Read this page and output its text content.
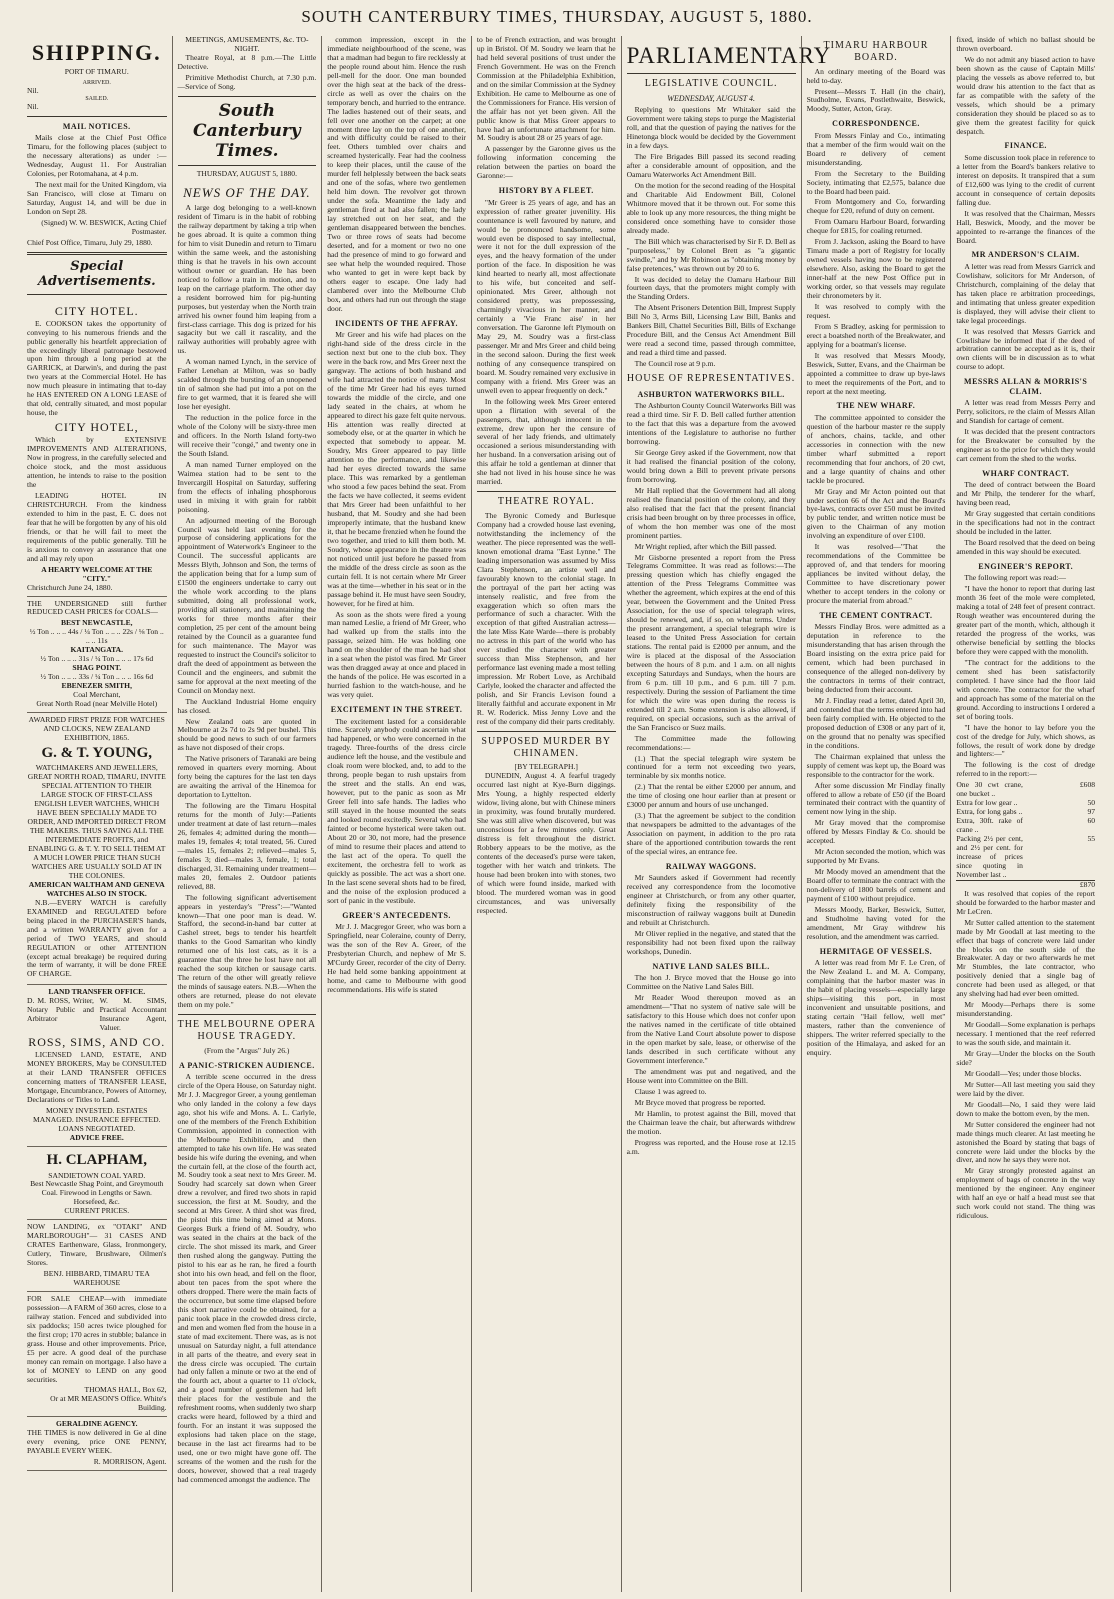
SOUTH CANTERBURY TIMES, THURSDAY, AUGUST 5, 1880.
SHIPPING.
PORT OF TIMARU.
ARRIVED.
Nil.
SAILED.
Nil.
MAIL NOTICES.

Mails close at the Chief Post Office Timaru, for the following places (subject to the necessary alterations) as under :— Wednesday, August 11. For Australian Colonies, per Rotomahana, at 4 p.m.

The next mail for the United Kingdom, via San Francisco, will close at Timaru on Saturday, August 14, and will be due in London on Sept 28.

(Signed) W. W. BESWICK, Acting Chief Postmaster.

Chief Post Office, Timaru, July 29, 1880.

Special Advertisements.
CITY HOTEL.

E. COOKSON takes the opportunity of conveying to his numerous friends and the public generally his heartfelt appreciation of the exceedingly liberal patronage bestowed upon him through a long period at the GARRICK, at Darwin's, and during the past two years at the Commercial Hotel. He has now much pleasure in intimating that to-day he HAS ENTERED ON A LONG LEASE of that old, centrally situated, and most popular house, the

CITY HOTEL,

Which by EXTENSIVE IMPROVEMENTS AND ALTERATIONS, Now in progress, in the carefully selected and choice stock, and the most assiduous attention, he intends to raise to the position the

LEADING HOTEL IN CHRISTCHURCH. From the kindness extended to him in the past, E. C. does not fear that he will be forgotten by any of his old friends, or that he will fail to meet the requirements of the public generally. Till he is anxious to convey an assurance that one and all may rely upon

A HEARTY WELCOME AT THE "CITY."
Christchurch June 24, 1880.

THE UNDERSIGNED still further REDUCED CASH PRICES for COALS—

BEST NEWCASTLE,
½ Ton .. .. .. 44s / ¼ Ton .. .. .. 22s / ⅛ Ton .. .. .. 11s
KAITANGATA.
½ Ton .. .. .. 31s / ¼ Ton .. .. .. 17s 6d
SHAG POINT.
½ Ton .. .. .. 33s / ¼ Ton .. .. .. 16s 6d
EBENEZER SMITH,
Coal Merchant,
Great North Road (near Melville Hotel)
AWARDED FIRST PRIZE FOR WATCHES AND CLOCKS, NEW ZEALAND EXHIBITION, 1865.
G. & T. YOUNG,
WATCHMAKERS AND JEWELLERS, GREAT NORTH ROAD, TIMARU, INVITE SPECIAL ATTENTION TO THEIR
LARGE STOCK OF FIRST-CLASS ENGLISH LEVER WATCHES, WHICH HAVE BEEN SPECIALLY MADE TO ORDER, AND IMPORTED DIRECT FROM THE MAKERS. THUS SAVING ALL THE INTERMEDIATE PROFITS, and ENABLING G. & T. Y. TO SELL THEM AT A MUCH LOWER PRICE THAN SUCH WATCHES ARE USUALLY SOLD AT IN THE COLONIES.
AMERICAN WALTHAM AND GENEVA WATCHES ALSO IN STOCK.

N.B.—EVERY WATCH is carefully EXAMINED and REGULATED before being placed in the PURCHASER'S hands, and a written WARRANTY given for a period of TWO YEARS, and should REGULATION or other ATTENTION (except actual breakage) be required during the term of warranty, it will be done FREE OF CHARGE.

LAND TRANSFER OFFICE.
D. M. ROSS, Writer, Notary Public and Arbitrator
W. M. SIMS, Practical Accountant Insurance Agent, Valuer.
ROSS, SIMS, AND CO.

LICENSED LAND, ESTATE, AND MONEY BROKERS, May be CONSULTED at their LAND TRANSFER OFFICES concerning matters of TRANSFER LEASE, Mortgage, Encumbrance, Powers of Attorney, Declarations or Titles to Land.

MONEY INVESTED. ESTATES MANAGED. INSURANCE EFFECTED. LOANS NEGOTIATED.
ADVICE FREE.
H. CLAPHAM,
SANDIETOWN COAL YARD.
Best Newcastle Shag Point, and Greymouth Coal. Firewood in Lengths or Sawn. Horsefeed, &c.
CURRENT PRICES.

NOW LANDING, ex "OTAKI" AND MARLBOROUGH"— 31 CASES AND CRATES Earthenware, Glass, Ironmongery, Cutlery, Tinware, Brushware, Oilmen's Stores.

BENJ. HIBBARD, TIMARU TEA WAREHOUSE

FOR SALE CHEAP—with immediate possession—A FARM of 360 acres, close to a railway station. Fenced and subdivided into six paddocks; 150 acres twice ploughed for the first crop; 170 acres in stubble; balance in grass. House and other improvements. Price, £5 per acre. A good deal of the purchase money can remain on mortgage. I also have a lot of MONEY to LEND on any good securities.

THOMAS HALL, Box 62,
Or at MR MEASON'S Office. White's Building.
GERALDINE AGENCY.

THE TIMES is now delivered in Ge al dine every evening, price ONE PENNY, PAYABLE EVERY WEEK.

R. MORRISON, Agent.
MEETINGS, AMUSEMENTS, &c. TO-NIGHT.

Theatre Royal, at 8 p.m.—The Little Detective.

Primitive Methodist Church, at 7.30 p.m.—Service of Song.

South Canterbury Times.
THURSDAY, AUGUST 5, 1880.
NEWS OF THE DAY.

A large dog belonging to a well-known resident of Timaru is in the habit of robbing the railway department by taking a trip when he goes abroad. It is quite a common thing for him to visit Dunedin and return to Timaru within the same week, and the astonishing thing is that he travels in his own account without owner or guardian. He has been noticed to follow a train in motion, and to leap on the carriage platform. The other day a resident borrowed him for pig-hunting purposes, but yesterday when the North train arrived his owner found him leaping from a first-class carriage. This dog is prized for his sagacity but we call it rascality, and the railway authorities will probably agree with us.

A woman named Lynch, in the service of Father Lenehan at Milton, was so badly scalded through the bursting of an unopened tin of salmon she had put into a pot on the fire to get warmed, that it is feared she will lose her eyesight.

The reduction in the police force in the whole of the Colony will be sixty-three men and officers. In the North Island forty-two will receive their "congé," and twenty one in the South Island.

A man named Turner employed on the Waimea station had to be sent to the Invercargill Hospital on Saturday, suffering from the effects of inhaling phosphorous used in mixing it with grain for rabbit poisoning.

An adjourned meeting of the Borough Council was held last evening for the purpose of considering applications for the appointment of Waterwork's Engineer to the Council. The successful applicants are Messrs Blyth, Johnson and Son, the terms of the application being that for a lump sum of £1500 the engineers undertake to carry out the whole work according to the plans submitted, doing all professional work, providing all stationery, and maintaining the works for three months after their completion, 25 per cent of the amount being retained by the Council as a guarantee fund for such maintenance. The Mayor was requested to instruct the Council's solicitor to draft the deed of appointment as between the Council and the engineers, and submit the same for approval at the next meeting of the Council on Monday next.

The Auckland Industrial Home enquiry has closed.

New Zealand oats are quoted in Melbourne at 2s 7d to 2s 9d per bushel. This should be good news to such of our farmers as have not disposed of their crops.

The Native prisoners of Taranaki are being removed in quarters every morning. About forty being the captures for the last ten days are awaiting the arrival of the Hinemoa for deportation to Lyttelton.

The following are the Timaru Hospital returns for the month of July:—Patients under treatment at date of last return—males 26, females 4; admitted during the month—males 19, females 4; total treated, 56. Cured—males 15, females 2; relieved—males 5, females 3; died—males 3, female, 1; total discharged, 31. Remaining under treatment—males 20, females 2. Outdoor patients relieved, 88.

The following significant advertisement appears in yesterday's "Press":—"Wanted known—That one poor man is dead. W. Stafford, the second-in-hand bar cutter at Cashel street, begs to tender his heartfelt thanks to the Good Samaritan who kindly returned one of his lost cats, as it is a guarantee that the three he lost have not all reached the soup kitchen or sausage carts. The return of the other will greatly relieve the minds of sausage eaters. N.B.—When the others are returned, please do not elevate them on my pole."

THE MELBOURNE OPERA HOUSE TRAGEDY.
(From the "Argus" July 26.)
A PANIC-STRICKEN AUDIENCE.

A terrible scene occurred in the dress circle of the Opera House, on Saturday night. Mr J. J. Macgregor Greer, a young gentleman who only landed in the colony a few days ago, shot his wife and Mons. A. L. Carlyle, one of the members of the French Exhibition Commission, appointed in connection with the Melbourne Exhibition, and then attempted to take his own life. He was seated beside his wife during the evening, and when the curtain fell, at the close of the fourth act, M. Soudry took a seat next to Mrs Greer. M. Soudry had scarcely sat down when Greer drew a revolver, and fired two shots in rapid succession, the first at M. Soudry, and the second at Mrs Greer. A third shot was fired, the pistol this time being aimed at Mons. Georges Burk a friend of M. Soudry, who was seated in the chairs at the back of the circle. The shot missed its mark, and Greer then rushed along the gangway. Putting the pistol to his ear as he ran, he fired a fourth shot into his own head, and fell on the floor, about ten paces from the spot where the others dropped. There were the main facts of the occurrence, but some time elapsed before this short narrative could be obtained, for a panic took place in the crowded dress circle, and men and women fled from the house in a state of mad excitement. There was, as is not unusual on Saturday night, a full attendance in all parts of the theatre, and every seat in the dress circle was occupied. The curtain had only fallen a minute or two at the end of the fourth act, about a quarter to 11 o'clock, and a good number of gentlemen had left their places for the vestibule and the refreshment rooms, when suddenly two sharp cracks were heard, followed by a third and fourth. For an instant it was supposed the explosions had taken place on the stage, because in the last act firearms had to be used, one or two might have gone off. The screams of the women and the rush for the doors, however, showed that a real tragedy had commenced amongst the audience. The

common impression, except in the immediate neighbourhood of the scene, was that a madman had begun to fire recklessly at the people round about him. Hence the rush pell-mell for the door. One man bounded over the high seat at the back of the dress-circle as well as over the chairs on the temporary bench, and hurried to the entrance. The ladies hastened out of their seats, and fell over one another on the carpet; at one moment three lay on the top of one another, and with difficulty could be raised to their feet. Others tumbled over chairs and screamed hysterically. Fear had the coolness to keep their places, until the cause of the murder fell helplessly between the back seats and one of the sofas, where two gentlemen held him down. The revolver got thrown under the sofa. Meantime the lady and gentleman fired at had also fallen; the lady lay stretched out on her seat, and the gentleman disappeared between the benches. Two or three rows of seats had become deserted, and for a moment or two no one had the presence of mind to go forward and see what help the wounded required. Those who wanted to get in were kept back by others eager to escape. One lady had clambered over into the Melbourne Club box, and others had run out through the stage door.

INCIDENTS OF THE AFFRAY.

Mr Greer and his wife had places on the right-hand side of the dress circle in the section next but one to the club box. They were in the back row, and Mrs Greer next the gangway. The actions of both husband and wife had attracted the notice of many. Most of the time Mr Greer had his eyes turned towards the middle of the circle, and one lady seated in the chairs, at whom he appeared to direct his gaze felt quite nervous. His attention was really directed at somebody else, or at the quarter in which he expected that somebody to appear. M. Soudry, Mrs Greer appeared to pay little attention to the performance, and likewise had her eyes directed towards the same place. This was remarked by a gentleman who stood a few paces behind the seat. From the facts we have collected, it seems evident that Mrs Greer had been unfaithful to her husband, that M. Soudry and she had been improperly intimate, that the husband knew it, that he became frenzied when he found the two together, and tried to kill them both. M. Soudry, whose appearance in the theatre was not noticed until just before he passed from the middle of the dress circle as soon as the curtain fell. It is not certain where Mr Greer was at the time—whether in his seat or in the passage behind it. He must have seen Soudry, however, for he fired at him.

As soon as the shots were fired a young man named Leslie, a friend of Mr Greer, who had walked up from the stalls into the passage, seized him. He was holding one hand on the shoulder of the man he had shot in a seat when the pistol was fired. Mr Greer was then dragged away at once and placed in the hands of the police. He was escorted in a hurried fashion to the watch-house, and he was very quiet.

EXCITEMENT IN THE STREET.

The excitement lasted for a considerable time. Scarcely anybody could ascertain what had happened, or who were concerned in the tragedy. Three-fourths of the dress circle audience left the house, and the vestibule and cloak room were blocked, and, to add to the throng, people began to rush upstairs from the street and the stalls. An end was, however, put to the panic as soon as Mr Greer fell into safe hands. The ladies who still stayed in the house mounted the seats and looked round excitedly. Several who had fainted or become hysterical were taken out. About 20 or 30, not more, had the presence of mind to resume their places and attend to the last act of the opera. To quell the excitement, the orchestra fell to work as quickly as possible. The act was a short one. In the last scene several shots had to be fired, and the noise of the explosion produced a sort of panic in the vestibule.

GREER'S ANTECEDENTS.

Mr J. J. Macgregor Greer, who was born a Springfield, near Coleraine, county of Derry, was the son of the Rev A. Greer, of the Presbyterian Church, and nephew of Mr S. M'Curdy Greer, recorder of the city of Derry. He had held some banking appointment at home, and came to Melbourne with good recommendations. His wife is stated

to be of French extraction, and was brought up in Bristol. Of M. Soudry we learn that he had held several positions of trust under the French Government. He was on the French Commission at the Philadelphia Exhibition, and on the similar Commission at the Sydney Exhibition. He came to Melbourne as one of the Commissioners for France. His version of the affair has not yet been given. All the public know is that Miss Greer appears to have had an unfortunate attachment for him. M. Soudry is about 28 or 25 years of age.

A passenger by the Garonne gives us the following information concerning the relation between the parties on board the Garonne:—

HISTORY BY A FLEET.

"Mr Greer is 25 years of age, and has an expression of rather greater juvenility. His countenance is well favoured by nature, and would be pronounced handsome, some would even be disposed to say intellectual, were it not for the dull expression of the eyes, and the heavy formation of the under portion of the face. In disposition he was kind hearted to nearly all, most affectionate to his wife, but conceited and self-opinionated. Mrs Greer, although not considered pretty, was prepossessing, charmingly vivacious in her manner, and certainly a 'Vie Franc aise' in her conversation. The Garonne left Plymouth on May 29, M. Soudry was a first-class passenger. Mr and Mrs Greer and child being in the second saloon. During the first week nothing of any consequence transpired on board. M. Soudry remained very exclusive in company with a friend. Mrs Greer was an unwell even to appear frequently on deck."

In the following week Mrs Greer entered upon a flirtation with several of the passengers, that, although innocent in the extreme, drew upon her the censure of several of her lady friends, and ultimately occasioned a serious misunderstanding with her husband. In a conversation arising out of this affair he told a gentleman at dinner that she had not lived in his house since he was married.

THEATRE ROYAL.

The Byronic Comedy and Burlesque Company had a crowded house last evening, notwithstanding the inclemency of the weather. The piece represented was the well-known emotional drama "East Lynne." The leading impersonation was assumed by Miss Clara Stephenson, an artiste well and favourably known to the colonial stage. In the portrayal of the part her acting was intensely realistic, and free from the exaggeration which so often mars the performance of such a character. With the exception of that gifted Australian actress—the late Miss Kate Warde—there is probably no actress in this part of the world who has ever studied the character with greater success than Miss Stephenson, and her performance last evening made a most telling impression. Mr Robert Love, as Archibald Carlyle, looked the character and affected the polish, and Sir Francis Levison found a literally faithful and accurate exponent in Mr R. W. Roderick. Miss Jenny Love and the rest of the company did their parts creditably.

SUPPOSED MURDER BY CHINAMEN.
[BY TELEGRAPH.]

DUNEDIN, August 4. A fearful tragedy occurred last night at Kye-Burn diggings. Mrs Young, a highly respected elderly widow, living alone, but with Chinese miners in proximity, was found brutally murdered. She was still alive when discovered, but was unconscious for a few minutes only. Great distress is felt throughout the district. Robbery appears to be the motive, as the contents of the deceased's purse were taken, together with her watch and trinkets. The house had been broken into with stones, two of which were found inside, marked with blood. The murdered woman was in good circumstances, and was universally respected.

PARLIAMENTARY
LEGISLATIVE COUNCIL.
WEDNESDAY, AUGUST 4.

Replying to questions Mr Whitaker said the Government were taking steps to purge the Magisterial roll, and that the question of paying the natives for the Hinetonga block would be decided by the Government in a few days.

The Fire Brigades Bill passed its second reading after a considerable amount of opposition, and the Oamaru Waterworks Act Amendment Bill.

On the motion for the second reading of the Hospital and Charitable Aid Endowment Bill, Colonel Whitmore moved that it be thrown out. For some this able to look up any more resources, the thing might be considered once something have to consider those already made.

The Bill which was characterised by Sir F. D. Bell as "purposeless," by Colonel Brett as "a gigantic swindle," and by Mr Robinson as "obtaining money by false pretences," was thrown out by 20 to 6.

It was decided to delay the Oamaru Harbour Bill fourteen days, that the promoters might comply with the Standing Orders.

The Absent Prisoners Detention Bill, Imprest Supply Bill No 3, Arms Bill, Licensing Law Bill, Banks and Bankers Bill, Chattel Securities Bill, Bills of Exchange Procedure Bill, and the Census Act Amendment Bill were read a second time, passed through committee, and read a third time and passed.

The Council rose at 9 p.m.

HOUSE OF REPRESENTATIVES.
ASHBURTON WATERWORKS BILL.

The Ashburton County Council Waterworks Bill was read a third time. Sir F. D. Bell called further attention to the fact that this was a departure from the avowed intentions of the Legislature to authorise no further borrowing.

Sir George Grey asked if the Government, now that it had realised the financial position of the colony, would bring down a Bill to prevent private persons from borrowing.

Mr Hall replied that the Government had all along realised the financial position of the colony, and they also realised that the fact that the present financial crisis had been brought on by three processes in office, of whom the hon member was one of the most prominent parties.

Mr Wright replied, after which the Bill passed.

Mr Gisborne presented a report from the Press Telegrams Committee. It was read as follows:—The pressing question which has chiefly engaged the attention of the Press Telegrams Committee was whether the agreement, which expires at the end of this year, between the Government and the United Press Association, for the use of special telegraph wires, should be renewed, and, if so, on what terms. Under the present arrangement, a special telegraph wire is leased to the United Press Association for certain stations. The rental paid is £2000 per annum, and the wire is placed at the disposal of the Association between the hours of 8 p.m. and 1 a.m. on all nights excepting Saturdays and Sundays, when the hours are from 6 p.m. till 10 p.m., and 6 p.m. till 7 p.m. respectively. During the session of Parliament the time for which the wire was open during the recess is extended till 2 a.m. Some extension is also allowed, if required, on special occasions, such as the arrival of the San Francisco or Suez mails.

The Committee made the following recommendations:—

(1.) That the special telegraph wire system be continued for a term not exceeding two years, terminable by six months notice.

(2.) That the rental be either £2000 per annum, and the time of closing one hour earlier than at present or £3000 per annum and hours of use unchanged.

(3.) That the agreement be subject to the condition that newspapers be admitted to the advantages of the Association on payment, in addition to the pro rata share of the apportioned contribution towards the rent of the special wires, an entrance fee.

RAILWAY WAGGONS.

Mr Saunders asked if Government had recently received any correspondence from the locomotive engineer at Christchurch, or from any other quarter, definitely fixing the responsibility of the misconstruction of railway waggons built at Dunedin and rebuilt at Christchurch.

Mr Oliver replied in the negative, and stated that the responsibility had not been fixed upon the railway workshops, Dunedin.

NATIVE LAND SALES BILL.

The hon J. Bryce moved that the House go into Committee on the Native Land Sales Bill.

Mr Reader Wood thereupon moved as an amendment—"That no system of native sale will be satisfactory to this House which does not confer upon the natives named in the certificate of title obtained from the Native Land Court absolute power to dispose in the open market by sale, lease, or otherwise of the lands described in such certificate without any Government interference."

The amendment was put and negatived, and the House went into Committee on the Bill.

Clause 1 was agreed to.

Mr Bryce moved that progress be reported.

Mr Hamlin, to protest against the Bill, moved that the Chairman leave the chair, but afterwards withdrew the motion.

Progress was reported, and the House rose at 12.15 a.m.

TIMARU HARBOUR BOARD.

An ordinary meeting of the Board was held to-day.

Present—Messrs T. Hall (in the chair), Studholme, Evans, Postlethwaite, Beswick, Moody, Sutter, Acton, Gray.

CORRESPONDENCE.

From Messrs Finlay and Co., intimating that a member of the firm would wait on the Board re delivery of cement misunderstanding.

From the Secretary to the Building Society, intimating that £2,575, balance due to the Board had been paid.

From Montgomery and Co, forwarding cheque for £20, refund of duty on cement.

From Oamaru Harbour Board, forwarding cheque for £815, for coaling returned.

From J. Jackson, asking the Board to have Timaru made a port of Registry for locally owned vessels having now to be registered elsewhere. Also, asking the Board to get the inner-half at the new Post Office put in working order, so that vessels may regulate their chronometers by it.

It was resolved to comply with the request.

From S Bradley, asking for permission to erect a boatshed north of the Breakwater, and applying for a boatman's license.

It was resolved that Messrs Moody, Beswick, Sutter, Evans, and the Chairman be appointed a committee to draw up bye-laws to meet the requirements of the Port, and to report at the next meeting.

THE NEW WHARF.

The committee appointed to consider the question of the harbour master re the supply of anchors, chains, tackle, and other accessories in connection with the new timber wharf submitted a report recommending that four anchors, of 20 cwt, and a large quantity of chains and other tackle be procured.

Mr Gray and Mr Acton pointed out that under section 66 of the Act and the Board's bye-laws, contracts over £50 must be invited by public tender, and written notice must be given to the Chairman of any motion involving an expenditure of over £100.

It was resolved—"That the recommendations of the Committee be approved of, and that tenders for mooring appliances be invited without delay, the Committee to have discretionary power whether to accept tenders in the colony or procure the material from abroad."

THE CEMENT CONTRACT.

Messrs Findlay Bros. were admitted as a deputation in reference to the misunderstanding that has arisen through the Board insisting on the extra price paid for cement, which had been purchased in consequence of the alleged non-delivery by the contractors in terms of their contract, being deducted from their account.

Mr J. Findlay read a letter, dated April 30, and contended that the terms entered into had been fairly complied with. He objected to the proposed deduction of £308 or any part of it, on the ground that no penalty was specified in the conditions.

The Chairman explained that unless the supply of cement was kept up, the Board was responsible to the contractor for the work.

After some discussion Mr Findlay finally offered to allow a rebate of £50 (if the Board terminated their contract with the quantity of cement now lying in the ship.

Mr Gray moved that the compromise offered by Messrs Findlay & Co. should be accepted.

Mr Acton seconded the motion, which was supported by Mr Evans.

Mr Moody moved an amendment that the Board offer to terminate the contract with the non-delivery of 1800 barrels of cement and payment of £100 without prejudice.

Messrs Moody, Barker, Beswick, Sutter, and Studholme having voted for the amendment, Mr Gray withdrew his resolution, and the amendment was carried.

HERMITAGE OF VESSELS.

A letter was read from Mr F. Le Cren, of the New Zealand L. and M. A. Company, complaining that the harbor master was in the habit of placing vessels—especially large ships—visiting this port, in most inconvenient and unsuitable positions, and stating certain "Hail fellow, well met" masters, rather than the convenience of shippers. The writer referred specially to the position of the Himalaya, and asked for an enquiry.

fixed, inside of which no ballast should be thrown overboard.

We do not admit any biased action to have been shown as the cause of Captain Mills' placing the vessels as above referred to, but would draw his attention to the fact that as far as compatible with the safety of the vessels, which should be a primary consideration they should be placed so as to give them the greatest facility for quick despatch.

FINANCE.

Some discussion took place in reference to a letter from the Board's bankers relative to interest on deposits. It transpired that a sum of £12,600 was lying to the credit of current account in consequence of certain deposits falling due.

It was resolved that the Chairman, Messrs Hall, Beswick, Moody, and the mover be appointed to re-arrange the finances of the Board.

MR ANDERSON'S CLAIM.

A letter was read from Messrs Garrick and Cowlishaw, solicitors for Mr Anderson, of Christchurch, complaining of the delay that has taken place re arbitration proceedings, and intimating that unless greater expedition is displayed, they will advise their client to take legal proceedings.

It was resolved that Messrs Garrick and Cowlishaw be informed that if the deed of arbitration cannot be accepted as it is, their own clients will be in discussion as to what course to adopt.

MESSRS ALLAN & MORRIS'S CLAIM.

A letter was read from Messrs Perry and Perry, solicitors, re the claim of Messrs Allan and Standish for cartage of cement.

It was decided that the present contractors for the Breakwater be consulted by the engineer as to the price for which they would cart cement from the shed to the works.

WHARF CONTRACT.

The deed of contract between the Board and Mr Philp, the tenderer for the wharf, having been read,

Mr Gray suggested that certain conditions in the specifications had not in the contract should be included in the latter.

The Board resolved that the deed on being amended in this way should be executed.

ENGINEER'S REPORT.

The following report was read:—

"I have the honor to report that during last month 36 feet of the mole were completed, making a total of 248 feet of present contract. Rough weather was encountered during the greater part of the month, which, although it retarded the progress of the works, was otherwise beneficial by settling the blocks before they were capped with the monolith.

"The contract for the additions to the cement shed has been satisfactorily completed. I have since had the floor laid with concrete. The contractor for the wharf and approach has some of the material on the ground. According to instructions I ordered a set of boring tools.

"I have the honor to lay before you the cost of the dredge for July, which shows, as follows, the result of work done by dredge and lighters:—"

The following is the cost of dredge referred to in the report:—

One 30 cwt crane, one bucket ..
£608
Extra for low gear ..	50
Extra, for long gabs ..	97
Extra, 30ft. rake of crane ..
60
Packing 2½ per cent, and 2½ per cent. for increase of prices since quoting in November last ..
55
£870

It was resolved that copies of the report should be forwarded to the harbor master and Mr LeCren.

Mr Sutter called attention to the statement made by Mr Goodall at last meeting to the effect that bags of concrete were laid under the blocks on the south side of the Breakwater. A day or two afterwards he met Mr Stumbles, the late contractor, who positively denied that a single bag of concrete had been used as alleged, or that any shelving had had ever been omitted.

Mr Moody—Perhaps there is some misunderstanding.

Mr Goodall—Some explanation is perhaps necessary. I mentioned that the reef referred to was the south side, and maintain it.

Mr Gray—Under the blocks on the South side?

Mr Goodall—Yes; under those blocks.

Mr Sutter—All last meeting you said they were laid by the diver.

Mr Goodall—No, I said they were laid down to make the bottom even, by the men.

Mr Sutter considered the engineer had not made things much clearer. At last meeting he astonished the Board by stating that bags of concrete were laid under the blocks by the diver, and now he says they were not.

Mr Gray strongly protested against an employment of bags of concrete in the way mentioned by the engineer. Any engineer with half an eye or half a head must see that such work could not stand. The thing was ridiculous.
